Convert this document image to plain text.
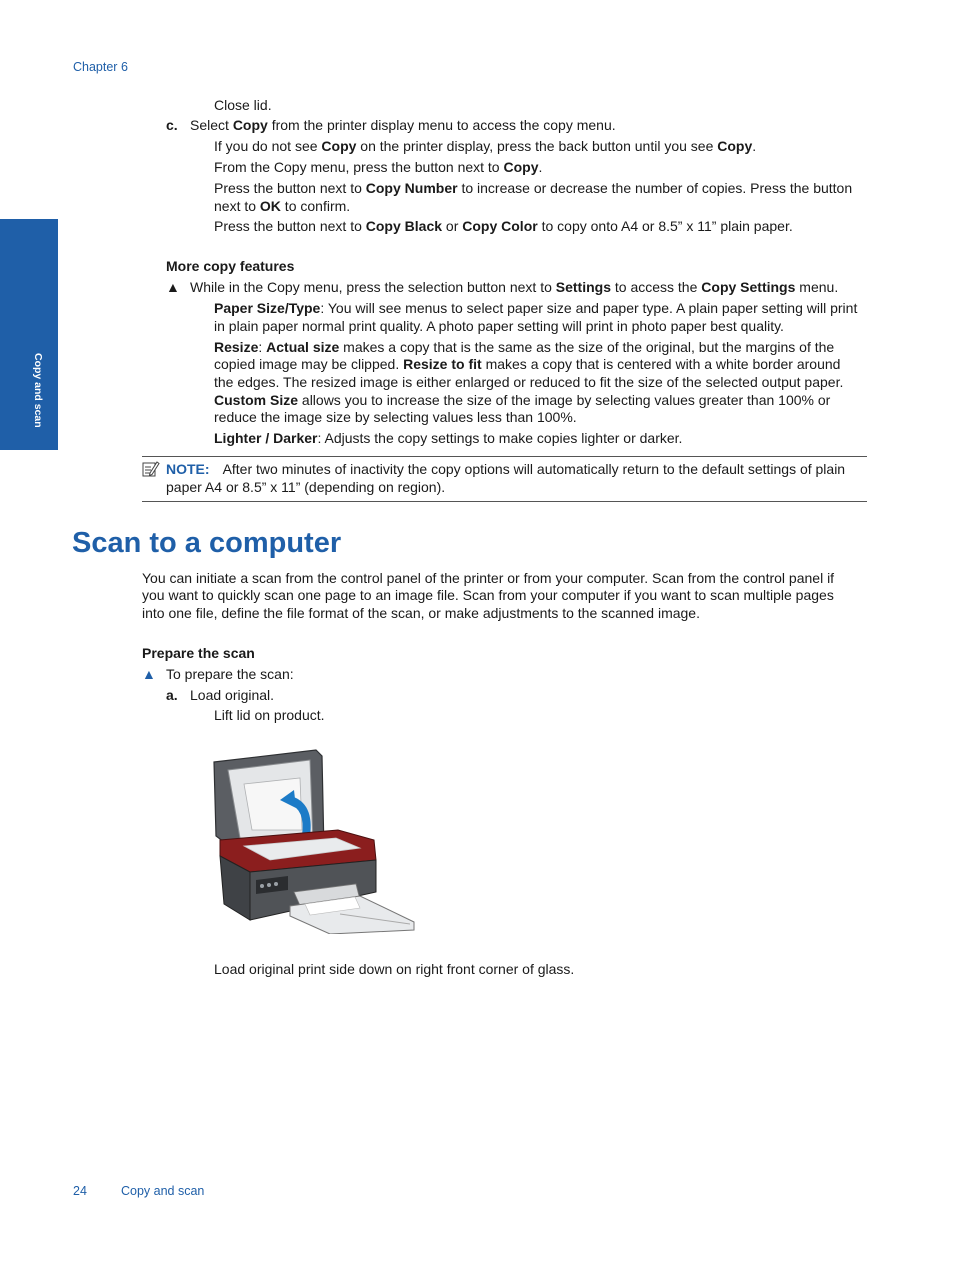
Chapter 6
Copy and scan
Close lid.
c. Select Copy from the printer display menu to access the copy menu.
If you do not see Copy on the printer display, press the back button until you see Copy.
From the Copy menu, press the button next to Copy.
Press the button next to Copy Number to increase or decrease the number of copies. Press the button
next to OK to confirm.
Press the button next to Copy Black or Copy Color to copy onto A4 or 8.5” x 11” plain paper.
More copy features
▲ While in the Copy menu, press the selection button next to Settings to access the Copy Settings menu.
Paper Size/Type: You will see menus to select paper size and paper type. A plain paper setting will print
in plain paper normal print quality. A photo paper setting will print in photo paper best quality.
Resize: Actual size makes a copy that is the same as the size of the original, but the margins of the
copied image may be clipped. Resize to fit makes a copy that is centered with a white border around
the edges. The resized image is either enlarged or reduced to fit the size of the selected output paper.
Custom Size allows you to increase the size of the image by selecting values greater than 100% or
reduce the image size by selecting values less than 100%.
Lighter / Darker: Adjusts the copy settings to make copies lighter or darker.
NOTE: After two minutes of inactivity the copy options will automatically return to the default settings of plain
paper A4 or 8.5” x 11” (depending on region).
Scan to a computer
You can initiate a scan from the control panel of the printer or from your computer. Scan from the control panel if
you want to quickly scan one page to an image file. Scan from your computer if you want to scan multiple pages
into one file, define the file format of the scan, or make adjustments to the scanned image.
Prepare the scan
▲ To prepare the scan:
a. Load original.
Lift lid on product.
Load original print side down on right front corner of glass.
24	Copy and scan
